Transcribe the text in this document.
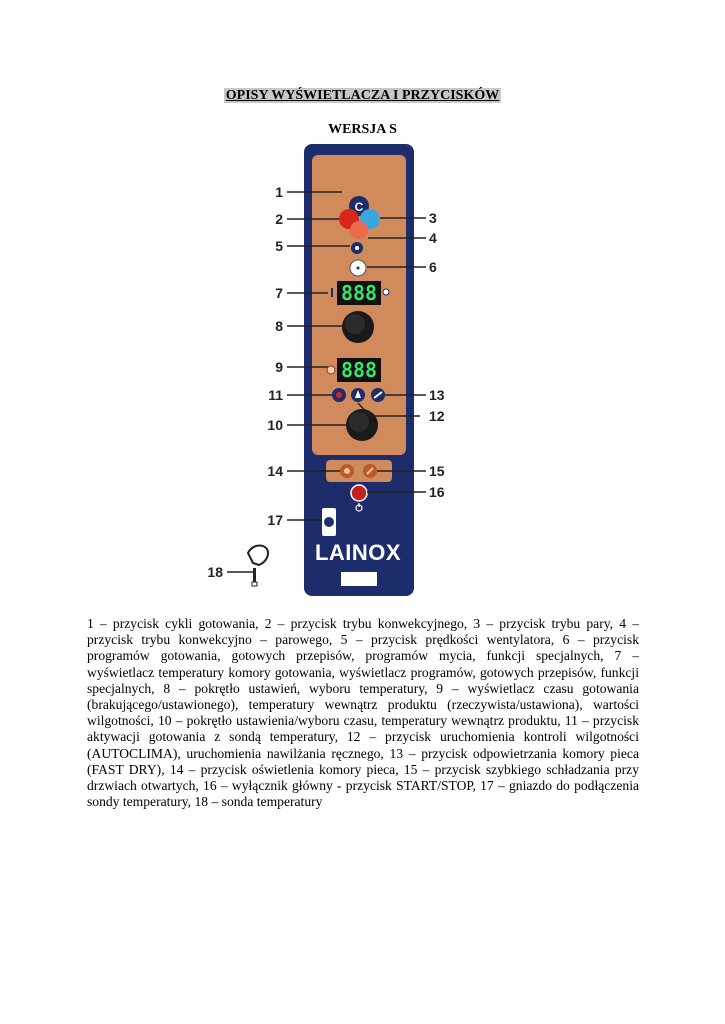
OPISY WYŚWIETLACZA I PRZYCISKÓW
WERSJA S
C
888
888
LAINOX
1
2	3
4
5
6
7
8
9
10
11
12
13
14	15
16
17
18
1 – przycisk cykli gotowania, 2 – przycisk trybu konwekcyjnego, 3 – przycisk trybu pary, 4 – przycisk trybu konwekcyjno – parowego, 5 – przycisk prędkości wentylatora, 6 – przycisk programów gotowania, gotowych przepisów, programów mycia, funkcji specjalnych, 7 – wyświetlacz temperatury komory gotowania, wyświetlacz programów, gotowych przepisów, funkcji specjalnych, 8 – pokrętło ustawień, wyboru temperatury, 9 – wyświetlacz czasu gotowania (brakującego/ustawionego), temperatury wewnątrz produktu (rzeczywista/ustawiona), wartości wilgotności, 10 – pokrętło ustawienia/wyboru czasu, temperatury wewnątrz produktu, 11 – przycisk aktywacji gotowania z sondą temperatury, 12 – przycisk uruchomienia kontroli wilgotności (AUTOCLIMA), uruchomienia nawilżania ręcznego, 13 – przycisk odpowietrzania komory pieca (FAST DRY), 14 – przycisk oświetlenia komory pieca, 15 – przycisk szybkiego schładzania przy drzwiach otwartych, 16 – wyłącznik główny - przycisk START/STOP, 17 – gniazdo do podłączenia sondy temperatury, 18 – sonda temperatury
